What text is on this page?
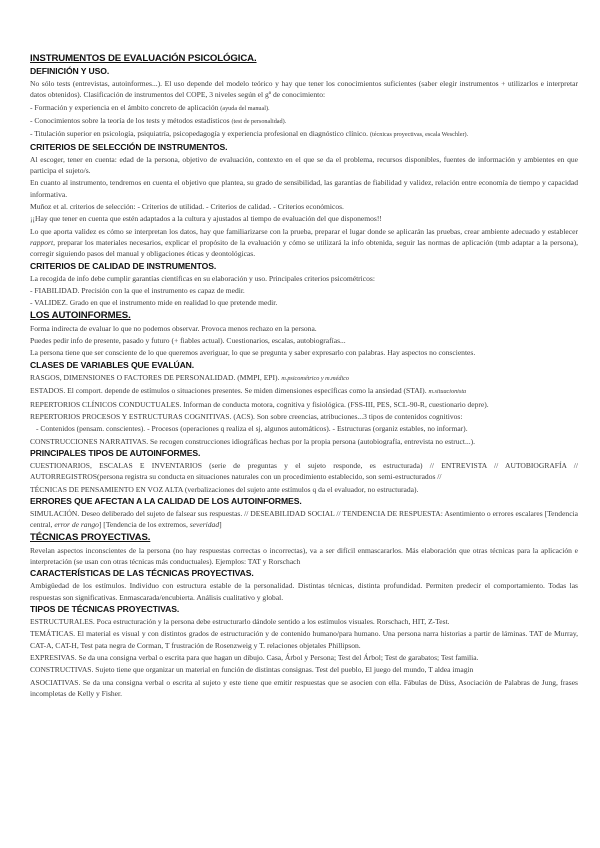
INSTRUMENTOS DE EVALUACIÓN PSICOLÓGICA.
DEFINICIÓN Y USO.
No sólo tests (entrevistas, autoinformes...). El uso depende del modelo teórico y hay que tener los conocimientos suficientes (saber elegir instrumentos + utilizarlos e interpretar datos obtenidos). Clasificación de instrumentos del COPE, 3 niveles según el gº de conocimiento:
- Formación y experiencia en el ámbito concreto de aplicación (ayuda del manual).
- Conocimientos sobre la teoría de los tests y métodos estadísticos (test de personalidad).
- Titulación superior en psicología, psiquiatría, psicopedagogía y experiencia profesional en diagnóstico clínico. (técnicas proyectivas, escala Weschler).
CRITERIOS DE SELECCIÓN DE INSTRUMENTOS.
Al escoger, tener en cuenta: edad de la persona, objetivo de evaluación, contexto en el que se da el problema, recursos disponibles, fuentes de información y ambientes en que participa el sujeto/s.
En cuanto al instrumento, tendremos en cuenta el objetivo que plantea, su grado de sensibilidad, las garantías de fiabilidad y validez, relación entre economía de tiempo y capacidad informativa.
Muñoz et al. criterios de selección: - Criterios de utilidad. - Criterios de calidad. - Criterios económicos.
¡¡Hay que tener en cuenta que estén adaptados a la cultura y ajustados al tiempo de evaluación del que disponemos!!
Lo que aporta validez es cómo se interpretan los datos, hay que familiarizarse con la prueba, preparar el lugar donde se aplicarán las pruebas, crear ambiente adecuado y establecer rapport, preparar los materiales necesarios, explicar el propósito de la evaluación y cómo se utilizará la info obtenida, seguir las normas de aplicación (tmb adaptar a la persona), corregir siguiendo pasos del manual y obligaciones éticas y deontológicas.
CRITERIOS DE CALIDAD DE INSTRUMENTOS.
La recogida de info debe cumplir garantías científicas en su elaboración y uso. Principales criterios psicométricos:
- FIABILIDAD. Precisión con la que el instrumento es capaz de medir.
- VALIDEZ. Grado en que el instrumento mide en realidad lo que pretende medir.
LOS AUTOINFORMES.
Forma indirecta de evaluar lo que no podemos observar. Provoca menos rechazo en la persona.
Puedes pedir info de presente, pasado y futuro (+ fiables actual). Cuestionarios, escalas, autobiografías...
La persona tiene que ser consciente de lo que queremos averiguar, lo que se pregunta y saber expresarlo con palabras. Hay aspectos no conscientes.
CLASES DE VARIABLES QUE EVALÚAN.
RASGOS, DIMENSIONES O FACTORES DE PERSONALIDAD. (MMPI, EPI). m.psicométrico y m.médico
ESTADOS. El comport. depende de estímulos o situaciones presentes. Se miden dimensiones específicas como la ansiedad (STAI). m.situacionista
REPERTORIOS CLÍNICOS CONDUCTUALES. Informan de conducta motora, cognitiva y fisiológica. (FSS-III, PES, SCL-90-R, cuestionario depre).
REPERTORIOS PROCESOS Y ESTRUCTURAS COGNITIVAS. (ACS). Son sobre creencias, atribuciones...3 tipos de contenidos cognitivos:
- Contenidos (pensam. conscientes). - Procesos (operaciones q realiza el sj, algunos automáticos). - Estructuras (organiz estables, no informar).
CONSTRUCCIONES NARRATIVAS. Se recogen construcciones idiográficas hechas por la propia persona (autobiografía, entrevista no estruct...).
PRINCIPALES TIPOS DE AUTOINFORMES.
CUESTIONARIOS, ESCALAS E INVENTARIOS (serie de preguntas y el sujeto responde, es estructurada) // ENTREVISTA // AUTOBIOGRAFÍA // AUTORREGISTROS(persona registra su conducta en situaciones naturales con un procedimiento establecido, son semi-estructurados //
TÉCNICAS DE PENSAMIENTO EN VOZ ALTA (verbalizaciones del sujeto ante estímulos q da el evaluador, no estructurada).
ERRORES QUE AFECTAN A LA CALIDAD DE LOS AUTOINFORMES.
SIMULACIÓN. Deseo deliberado del sujeto de falsear sus respuestas. // DESEABILIDAD SOCIAL // TENDENCIA DE RESPUESTA: Asentimiento o errores escalares [Tendencia central, error de rango] [Tendencia de los extremos, severidad]
TÉCNICAS PROYECTIVAS.
Revelan aspectos inconscientes de la persona (no hay respuestas correctas o incorrectas), va a ser difícil enmascararlos. Más elaboración que otras técnicas para la aplicación e interpretación (se usan con otras técnicas más conductuales). Ejemplos: TAT y Rorschach
CARACTERÍSTICAS DE LAS TÉCNICAS PROYECTIVAS.
Ambigüedad de los estímulos. Individuo con estructura estable de la personalidad. Distintas técnicas, distinta profundidad. Permiten predecir el comportamiento. Todas las respuestas son significativas. Enmascarada/encubierta. Análisis cualitativo y global.
TIPOS DE TÉCNICAS PROYECTIVAS.
ESTRUCTURALES. Poca estructuración y la persona debe estructurarlo dándole sentido a los estímulos visuales. Rorschach, HIT, Z-Test.
TEMÁTICAS. El material es visual y con distintos grados de estructuración y de contenido humano/para humano. Una persona narra historias a partir de láminas. TAT de Murray, CAT-A, CAT-H, Test pata negra de Corman, T frustración de Rosenzweig y T. relaciones objetales Phillipson.
EXPRESIVAS. Se da una consigna verbal o escrita para que hagan un dibujo. Casa, Árbol y Persona; Test del Árbol; Test de garabatos; Test familia.
CONSTRUCTIVAS. Sujeto tiene que organizar un material en función de distintas consignas. Test del pueblo, El juego del mundo, T aldea imagin
ASOCIATIVAS. Se da una consigna verbal o escrita al sujeto y este tiene que emitir respuestas que se asocien con ella. Fábulas de Düss, Asociación de Palabras de Jung, frases incompletas de Kelly y Fisher.
